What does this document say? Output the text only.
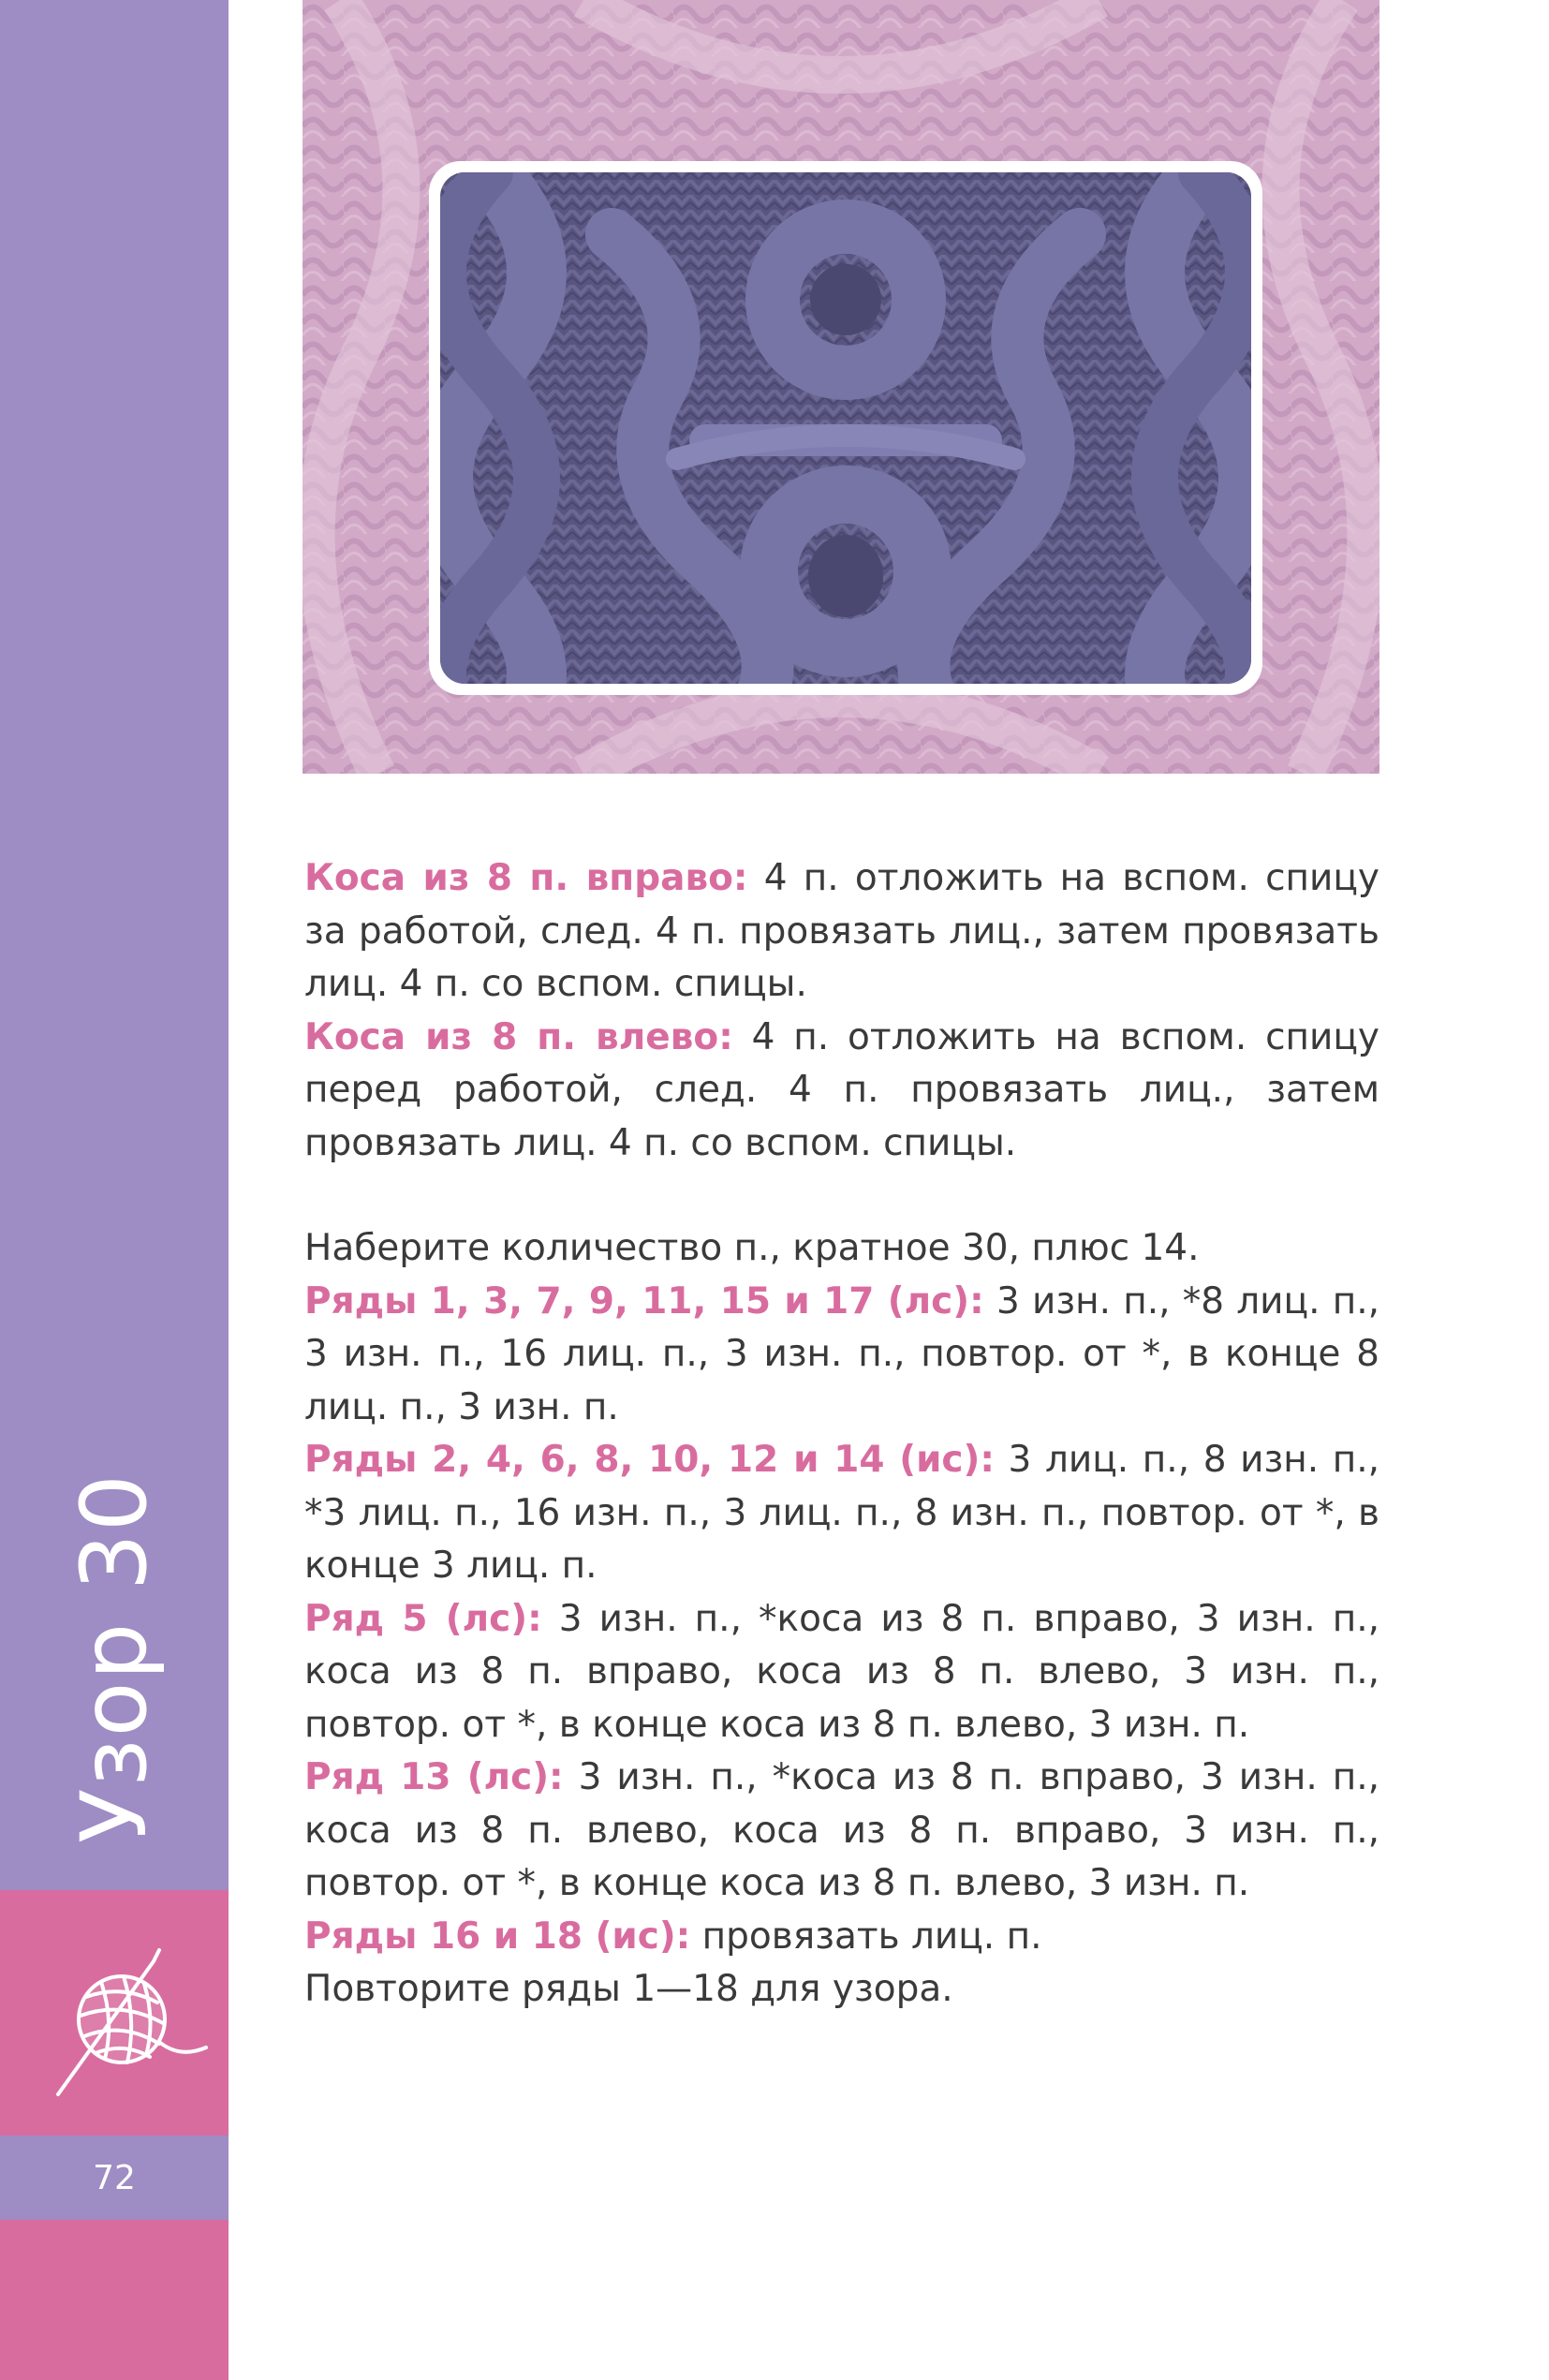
Узор 30
72

Коса из 8 п. вправо: 4 п. отложить на вспом. спицу за работой, след. 4 п. провязать лиц., затем провязать лиц. 4 п. со вспом. спицы.

Коса из 8 п. влево: 4 п. отложить на вспом. спицу перед работой, след. 4 п. провязать лиц., затем провязать лиц. 4 п. со вспом. спицы.

Наберите количество п., кратное 30, плюс 14.

Ряды 1, 3, 7, 9, 11, 15 и 17 (лс): 3 изн. п., *8 лиц. п., 3 изн. п., 16 лиц. п., 3 изн. п., повтор. от *, в конце 8 лиц. п., 3 изн. п.

Ряды 2, 4, 6, 8, 10, 12 и 14 (ис): 3 лиц. п., 8 изн. п., *3 лиц. п., 16 изн. п., 3 лиц. п., 8 изн. п., повтор. от *, в конце 3 лиц. п.

Ряд 5 (лс): 3 изн. п., *коса из 8 п. вправо, 3 изн. п., коса из 8 п. вправо, коса из 8 п. влево, 3 изн. п., повтор. от *, в конце коса из 8 п. влево, 3 изн. п.

Ряд 13 (лс): 3 изн. п., *коса из 8 п. вправо, 3 изн. п., коса из 8 п. влево, коса из 8 п. вправо, 3 изн. п., повтор. от *, в конце коса из 8 п. влево, 3 изн. п.

Ряды 16 и 18 (ис): провязать лиц. п.

Повторите ряды 1—18 для узора.
